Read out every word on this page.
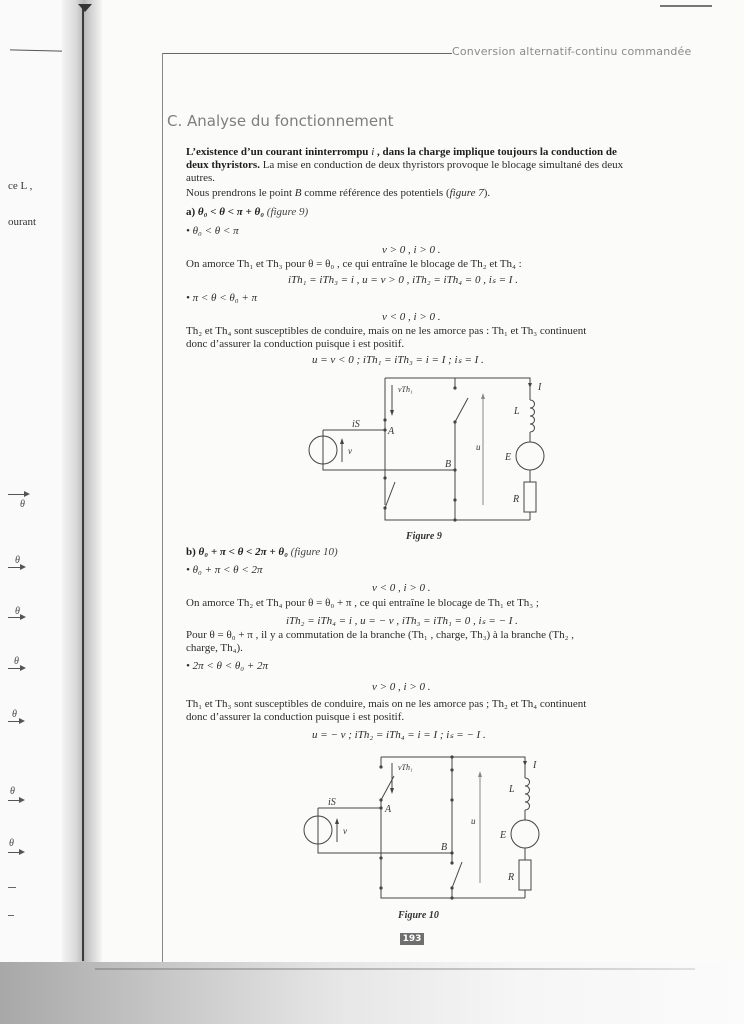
ce L ,
ourant
θ
θ
θ
θ
θ
θ
θ
Conversion alternatif-continu commandée
C. Analyse du fonctionnement
L’existence d’un courant ininterrompu i , dans la charge implique toujours la conduction de
deux thyristors. La mise en conduction de deux thyristors provoque le blocage simultané des deux
autres.
Nous prendrons le point B comme référence des potentiels (figure 7).
a) θ₀ < θ < π + θ₀ (figure 9)
• θ₀ < θ < π
v > 0 , i > 0 .
On amorce Th₁ et Th₃ pour θ = θ₀ , ce qui entraîne le blocage de Th₂ et Th₄ :
iTh₁ = iTh₃ = i , u = v > 0 , iTh₂ = iTh₄ = 0 , iₛ = I .
• π < θ < θ₀ + π
v < 0 , i > 0 .
Th₂ et Th₄ sont susceptibles de conduire, mais on ne les amorce pas : Th₁ et Th₃ continuent
donc d’assurer la conduction puisque i est positif.
u = v < 0 ; iTh₁ = iTh₃ = i = I ; iₛ = I .
iS
v
A
B
vTh₁
u
I
L
E
R
Figure 9
b) θ₀ + π < θ < 2π + θ₀ (figure 10)
• θ₀ + π < θ < 2π
v < 0 , i > 0 .
On amorce Th₂ et Th₄ pour θ = θ₀ + π , ce qui entraîne le blocage de Th₁ et Th₃ ;
iTh₂ = iTh₄ = i , u = − v , iTh₃ = iTh₁ = 0 , iₛ = − I .
Pour θ = θ₀ + π , il y a commutation de la branche (Th₁ , charge, Th₃) à la branche (Th₂ ,
charge, Th₄).
• 2π < θ < θ₀ + 2π
v > 0 , i > 0 .
Th₁ et Th₃ sont susceptibles de conduire, mais on ne les amorce pas ; Th₂ et Th₄ continuent
donc d’assurer la conduction puisque i est positif.
u = − v ; iTh₂ = iTh₄ = i = I ; iₛ = − I .
iS
v
A
B
vTh₁
u
I
L
E
R
Figure 10
193
